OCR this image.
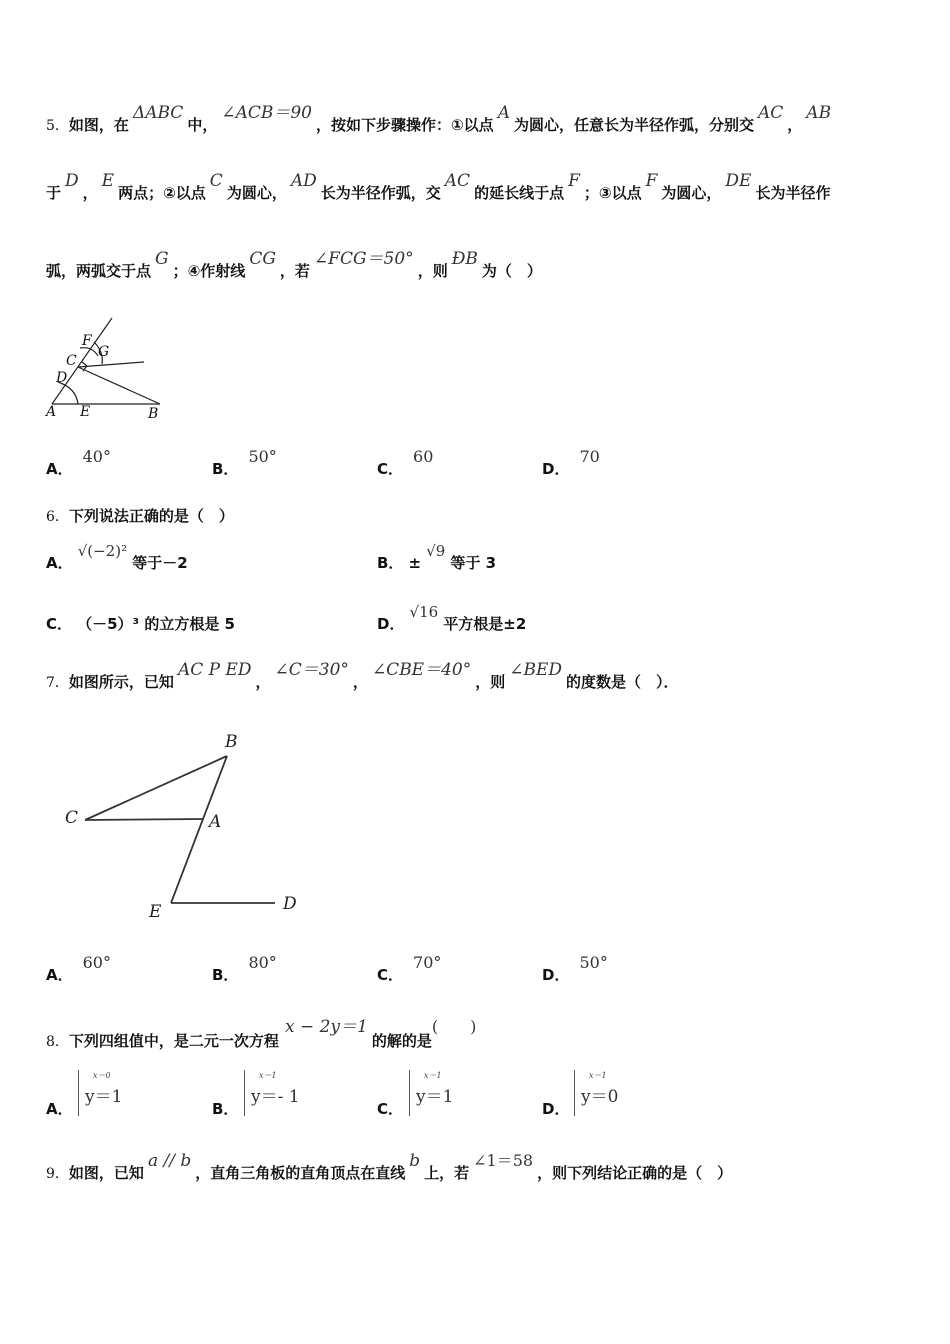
5．如图，在ΔABC中，∠ACB＝90，按如下步骤操作：①以点A为圆心，任意长为半径作弧，分别交AC，AB
于D，E两点；②以点C为圆心，AD长为半径作弧，交AC的延长线于点F；③以点F为圆心，DE长为半径作
弧，两弧交于点G；④作射线CG，若∠FCG＝50°，则ÐB为（　）
A E	B
D
C
F
G
A．40°
B．50°
C．60
D．70
6．下列说法正确的是（　）
A． √(−2)² 等于－2	B． ± √9 等于 3
C． （－5）³ 的立方根是 5	D． √16 平方根是±2
7．如图所示，已知AC P ED，∠C＝30°，∠CBE＝40°，则∠BED的度数是（　）．
B
C	A
E	D
A．60°
B．80°
C．70°
D．50°
8．下列四组值中，是二元一次方程x − 2y＝1的解的是(　　)
A．
x＝0
y＝1
B．
x＝1
y＝- 1
C．
x＝1
y＝1
D．
x＝1
y＝0
9．如图，已知a // b，直角三角板的直角顶点在直线b上，若∠1＝58，则下列结论正确的是（　）
